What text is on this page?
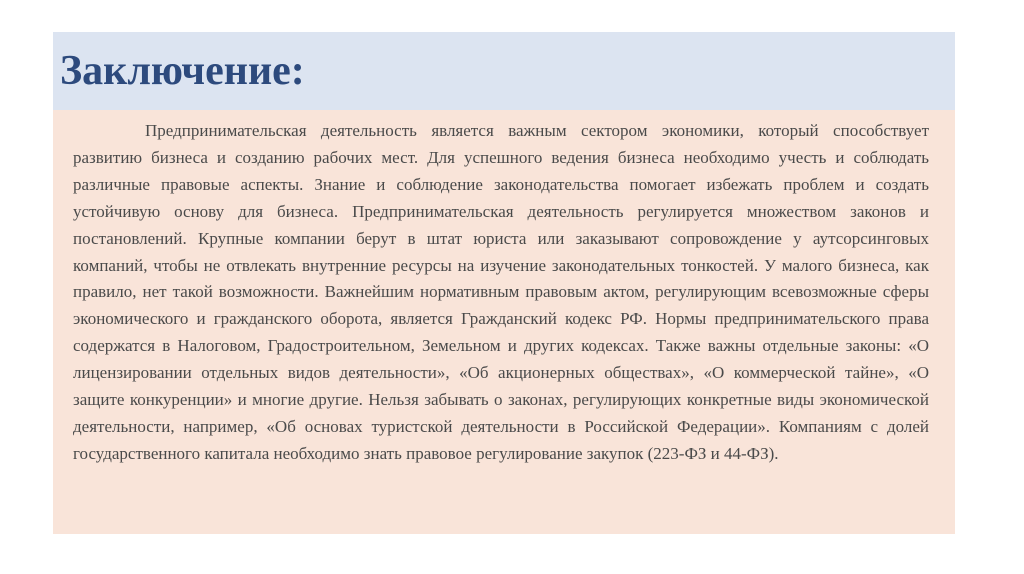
Заключение:

Предпринимательская деятельность является важным сектором экономики, который способствует развитию бизнеса и созданию рабочих мест. Для успешного ведения бизнеса необходимо учесть и соблюдать различные правовые аспекты. Знание и соблюдение законодательства помогает избежать проблем и создать устойчивую основу для бизнеса. Предпринимательская деятельность регулируется множеством законов и постановлений. Крупные компании берут в штат юриста или заказывают сопровождение у аутсорсинговых компаний, чтобы не отвлекать внутренние ресурсы на изучение законодательных тонкостей. У малого бизнеса, как правило, нет такой возможности. Важнейшим нормативным правовым актом, регулирующим всевозможные сферы экономического и гражданского оборота, является Гражданский кодекс РФ. Нормы предпринимательского права содержатся в Налоговом, Градостроительном, Земельном и других кодексах. Также важны отдельные законы: «О лицензировании отдельных видов деятельности», «Об акционерных обществах», «О коммерческой тайне», «О защите конкуренции» и многие другие. Нельзя забывать о законах, регулирующих конкретные виды экономической деятельности, например, «Об основах туристской деятельности в Российской Федерации». Компаниям с долей государственного капитала необходимо знать правовое регулирование закупок (223-ФЗ и 44-ФЗ).
